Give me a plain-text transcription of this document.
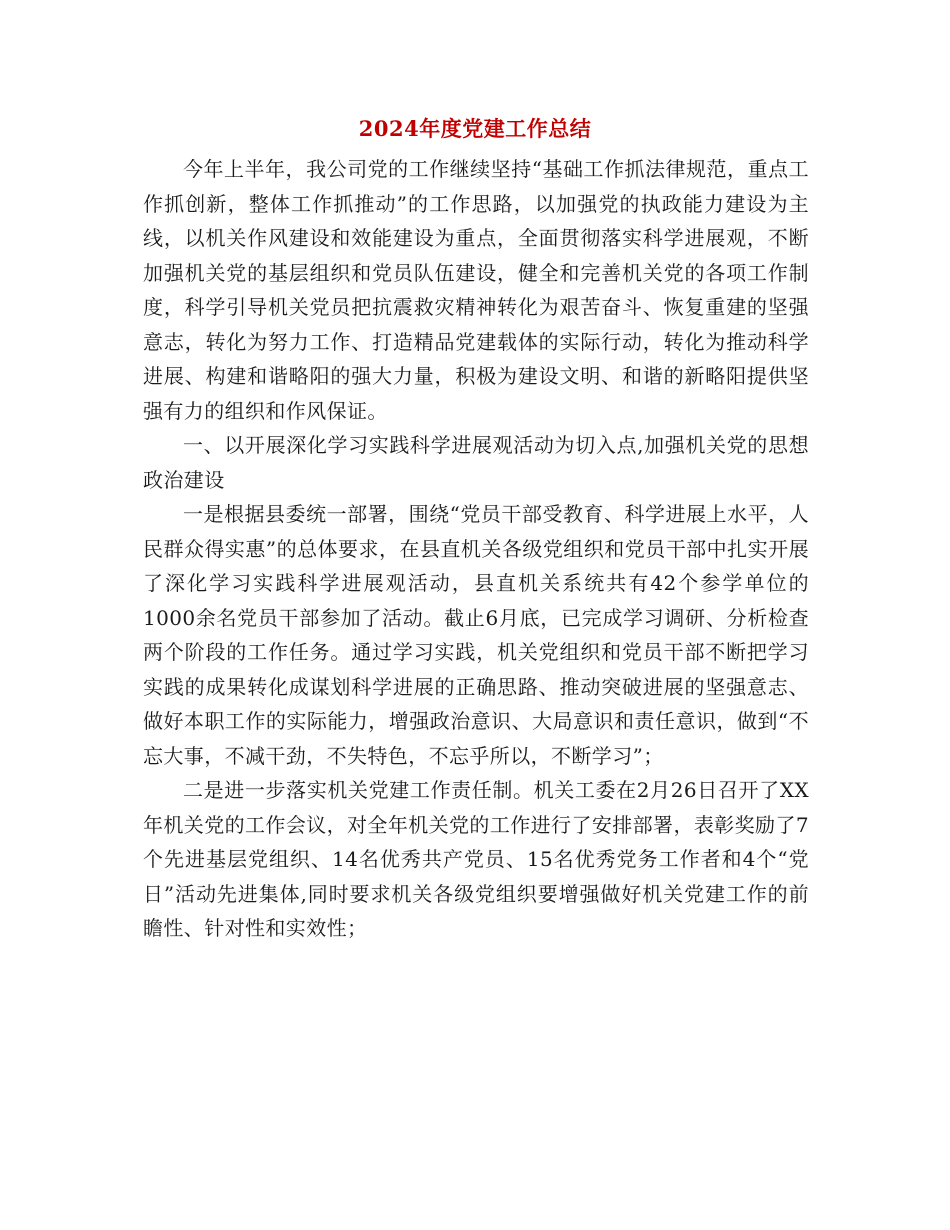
2024年度党建工作总结

今年上半年，我公司党的工作继续坚持“基础工作抓法律规范，重点工作抓创新，整体工作抓推动”的工作思路，以加强党的执政能力建设为主线，以机关作风建设和效能建设为重点，全面贯彻落实科学进展观，不断加强机关党的基层组织和党员队伍建设，健全和完善机关党的各项工作制度，科学引导机关党员把抗震救灾精神转化为艰苦奋斗、恢复重建的坚强意志，转化为努力工作、打造精品党建载体的实际行动，转化为推动科学进展、构建和谐略阳的强大力量，积极为建设文明、和谐的新略阳提供坚强有力的组织和作风保证。

一、以开展深化学习实践科学进展观活动为切入点,加强机关党的思想政治建设

一是根据县委统一部署，围绕“党员干部受教育、科学进展上水平，人民群众得实惠”的总体要求，在县直机关各级党组织和党员干部中扎实开展了深化学习实践科学进展观活动，县直机关系统共有42个参学单位的1000余名党员干部参加了活动。截止6月底，已完成学习调研、分析检查两个阶段的工作任务。通过学习实践，机关党组织和党员干部不断把学习实践的成果转化成谋划科学进展的正确思路、推动突破进展的坚强意志、做好本职工作的实际能力，增强政治意识、大局意识和责任意识，做到“不忘大事，不减干劲，不失特色，不忘乎所以，不断学习”；

二是进一步落实机关党建工作责任制。机关工委在2月26日召开了XX年机关党的工作会议，对全年机关党的工作进行了安排部署，表彰奖励了7个先进基层党组织、14名优秀共产党员、15名优秀党务工作者和4个“党日”活动先进集体,同时要求机关各级党组织要增强做好机关党建工作的前瞻性、针对性和实效性；
